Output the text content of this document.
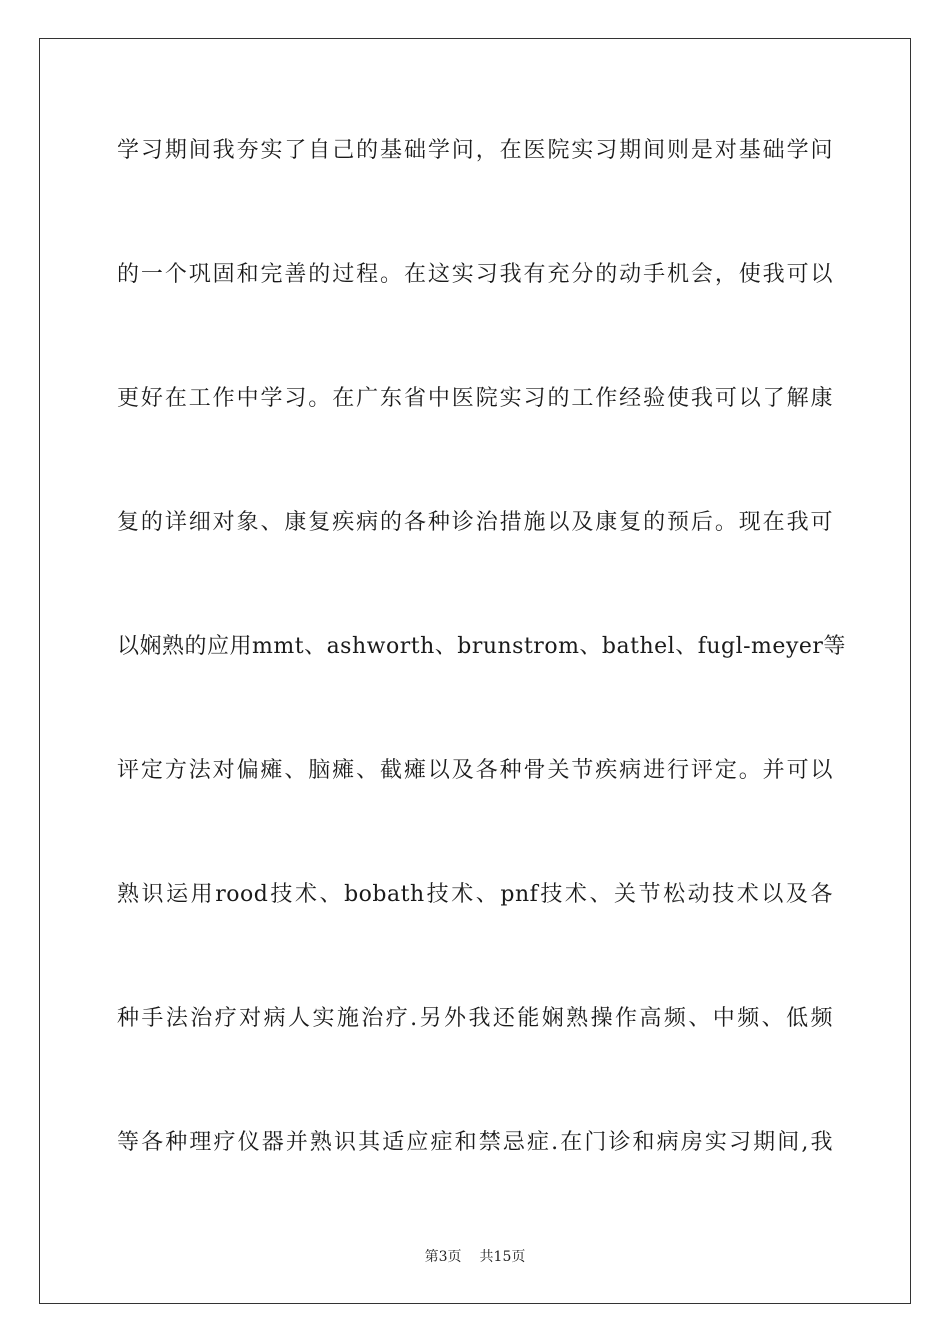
学习期间我夯实了自己的基础学问，在医院实习期间则是对基础学问
的一个巩固和完善的过程。在这实习我有充分的动手机会，使我可以
更好在工作中学习。在广东省中医院实习的工作经验使我可以了解康
复的详细对象、康复疾病的各种诊治措施以及康复的预后。现在我可
以娴熟的应用mmt、ashworth、brunstrom、bathel、fugl-meyer等
评定方法对偏瘫、脑瘫、截瘫以及各种骨关节疾病进行评定。并可以
熟识运用rood技术、bobath技术、pnf技术、关节松动技术以及各
种手法治疗对病人实施治疗.另外我还能娴熟操作高频、中频、低频
等各种理疗仪器并熟识其适应症和禁忌症.在门诊和病房实习期间,我
第3页 共15页
